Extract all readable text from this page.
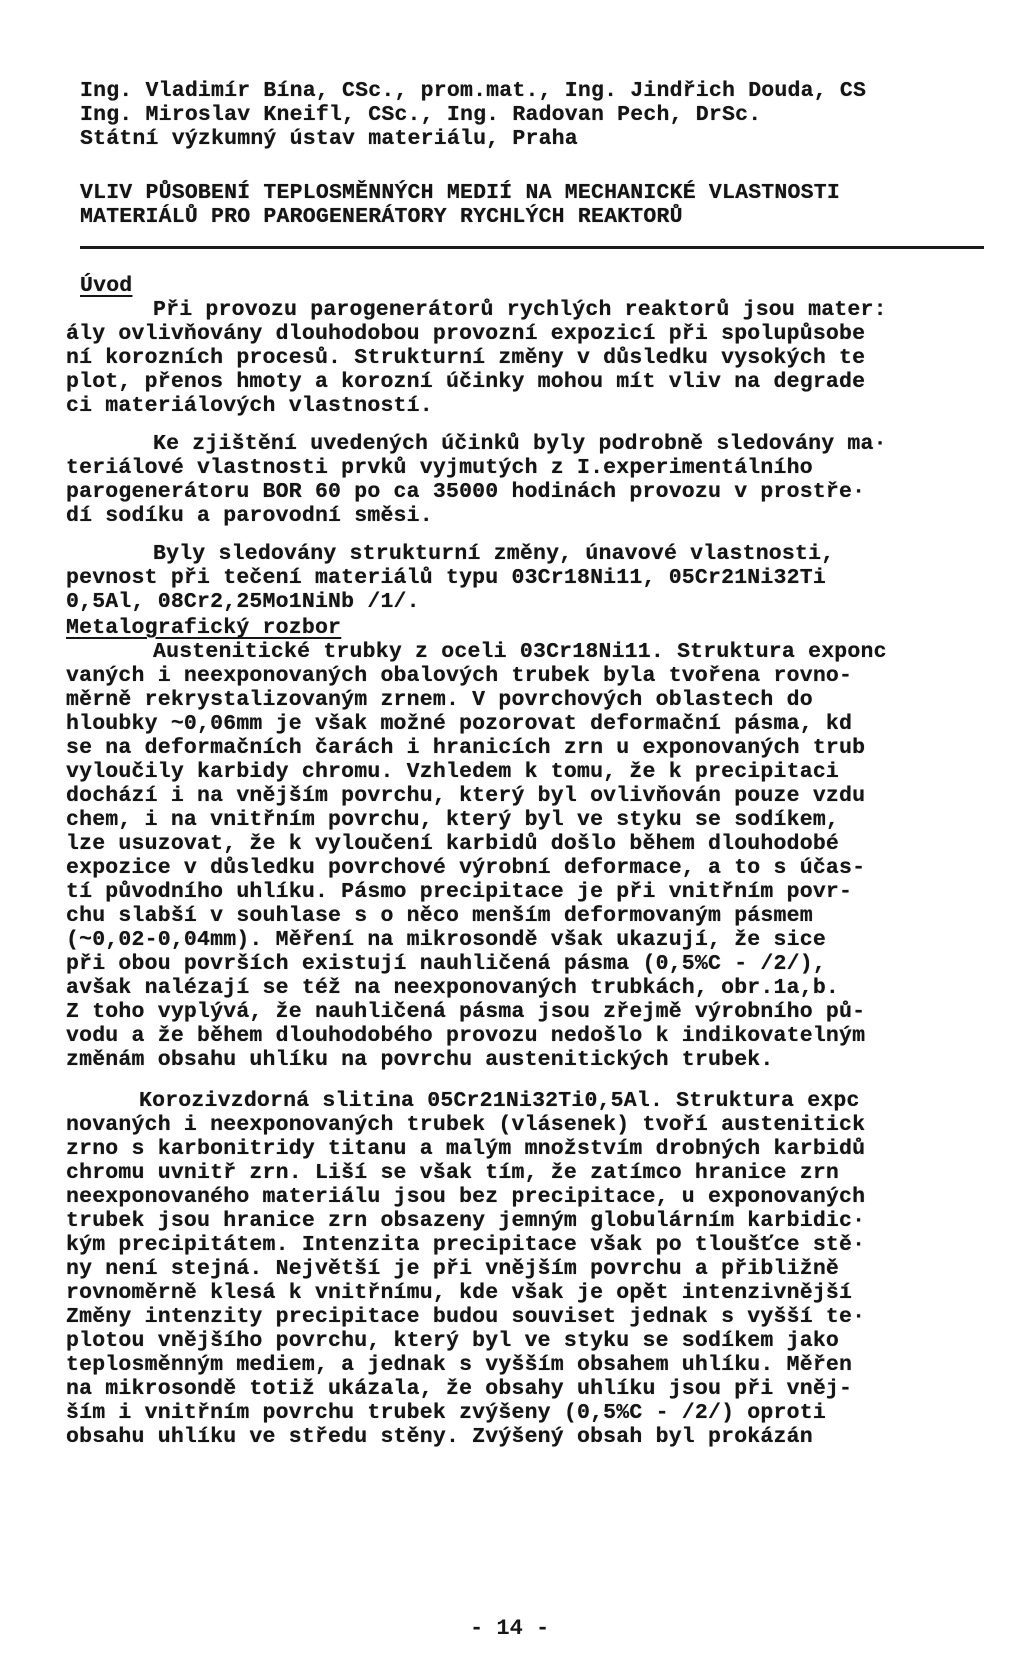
Ing. Vladimír Bína, CSc., prom.mat., Ing. Jindřich Douda, CS
Ing. Miroslav Kneifl, CSc., Ing. Radovan Pech, DrSc.
Státní výzkumný ústav materiálu, Praha
VLIV PŮSOBENÍ TEPLOSMĚNNÝCH MEDIÍ NA MECHANICKÉ VLASTNOSTI
MATERIÁLŮ PRO PAROGENERÁTORY RYCHLÝCH REAKTORŮ
Úvod
Při provozu parogenerátorů rychlých reaktorů jsou mater:
ály ovlivňovány dlouhodobou provozní expozicí při spolupůsobe
ní korozních procesů. Strukturní změny v důsledku vysokých te
plot, přenos hmoty a korozní účinky mohou mít vliv na degrade
ci materiálových vlastností.
Ke zjištění uvedených účinků byly podrobně sledovány ma·
teriálové vlastnosti prvků vyjmutých z I.experimentálního
parogenerátoru BOR 60 po ca 35000 hodinách provozu v prostře·
dí sodíku a parovodní směsi.
Byly sledovány strukturní změny, únavové vlastnosti,
pevnost při tečení materiálů typu 03Cr18Ni11, 05Cr21Ni32Ti
0,5Al, 08Cr2,25Mo1NiNb /1/.
Metalografický rozbor
Austenitické trubky z oceli 03Cr18Ni11. Struktura exponc
vaných i neexponovaných obalových trubek byla tvořena rovno-
měrně rekrystalizovaným zrnem. V povrchových oblastech do
hloubky ~0,06mm je však možné pozorovat deformační pásma, kd
se na deformačních čarách i hranicích zrn u exponovaných trub
vyloučily karbidy chromu. Vzhledem k tomu, že k precipitaci
dochází i na vnějším povrchu, který byl ovlivňován pouze vzdu
chem, i na vnitřním povrchu, který byl ve styku se sodíkem,
lze usuzovat, že k vyloučení karbidů došlo během dlouhodobé
expozice v důsledku povrchové výrobní deformace, a to s účas-
tí původního uhlíku. Pásmo precipitace je při vnitřním povr-
chu slabší v souhlase s o něco menším deformovaným pásmem
(~0,02-0,04mm). Měření na mikrosondě však ukazují, že sice
při obou površích existují nauhličená pásma (0,5%C - /2/),
avšak nalézají se též na neexponovaných trubkách, obr.1a,b.
Z toho vyplývá, že nauhličená pásma jsou zřejmě výrobního pů-
vodu a že během dlouhodobého provozu nedošlo k indikovatelným
změnám obsahu uhlíku na povrchu austenitických trubek.
Korozivzdorná slitina 05Cr21Ni32Ti0,5Al. Struktura expc
novaných i neexponovaných trubek (vlásenek) tvoří austenitick
zrno s karbonitridy titanu a malým množstvím drobných karbidů
chromu uvnitř zrn. Liší se však tím, že zatímco hranice zrn
neexponovaného materiálu jsou bez precipitace, u exponovaných
trubek jsou hranice zrn obsazeny jemným globulárním karbidic·
kým precipitátem. Intenzita precipitace však po tloušťce stě·
ny není stejná. Největší je při vnějším povrchu a přibližně
rovnoměrně klesá k vnitřnímu, kde však je opět intenzivnější
Změny intenzity precipitace budou souviset jednak s vyšší te·
plotou vnějšího povrchu, který byl ve styku se sodíkem jako
teplosměnným mediem, a jednak s vyšším obsahem uhlíku. Měřen
na mikrosondě totiž ukázala, že obsahy uhlíku jsou při vněj-
ším i vnitřním povrchu trubek zvýšeny (0,5%C - /2/) oproti
obsahu uhlíku ve středu stěny. Zvýšený obsah byl prokázán
- 14 -
